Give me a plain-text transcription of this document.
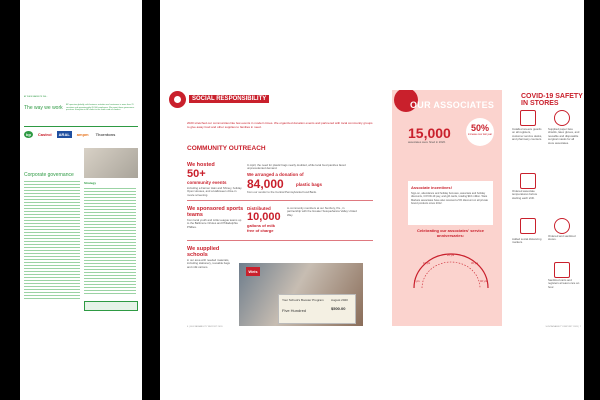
AT WEIS MARKETS WE...
The way we work BP operates globally, with business activities and customers in more than 70 countries and approximately 65,900 employees. We report these governance practices. Everyone in BP works to the same code of conduct.
bp	Castrol	ARAL	ampm	Thorntons
Corporate governance
Strategy
SOCIAL RESPONSIBILITY
2020 stretched our communities like few events in modern times. We organized donation events and partnered with local community groups to give away food and other supplies to families in need.
COMMUNITY OUTREACH
We hosted
50+
community events
including a Farmer Hain and Shiney, holiday Open Houses, and a Halloween drive-in movie screening.
In April, the need for plastic bags nearly doubled, while local food pantries faced unprecedented demand.
We arranged a donation of
84,000	plastic bags
from our vendor to the Central Pennsylvania Food Bank.
We sponsored sports teams
from local youth and Little League teams up to the Baltimore Orioles and Philadelphia Phillies.
Distributed
10,000
gallons of milk free of charge
to community members at our Sunbury, Pa., in partnership with the Greater Susquehanna Valley United Way.
We supplied schools
in our area with needed materials, including stationery, reusable bags and milk cartons.
Weis
Your School's Booster Program August 2020
Five Hundred	$500.00
6 | SUSTAINABILITY REPORT 2020
OUR ASSOCIATES
15,000
associates were hired in 2020.
50%
increase over last year
Associate incentives!
Sign-on, attendance and holiday bonuses, associate and holiday discounts, COVID-19 pay, and gift cards, totaling $16 million. Weis Markets associates have also received a 5% discount on all private brand products since 2012.
Celebrating our associates' service anniversaries:
5 yrs
10 yrs
20 yrs
30 yrs
40 yrs
COVID-19 SAFETY IN STORES
Installed sneeze guards on all registers, customer service desks, and pharmacy counters.
Supplied paper face shields, latex gloves, and reusable and disposable surgical masks for all store associates.
Ordered associate temperatures before starting each shift.
Ordered and sanitized stores.
Added social distancing markers.
Sanitized carts and registers at least once an hour.
SUSTAINABILITY REPORT 2020 | 7
